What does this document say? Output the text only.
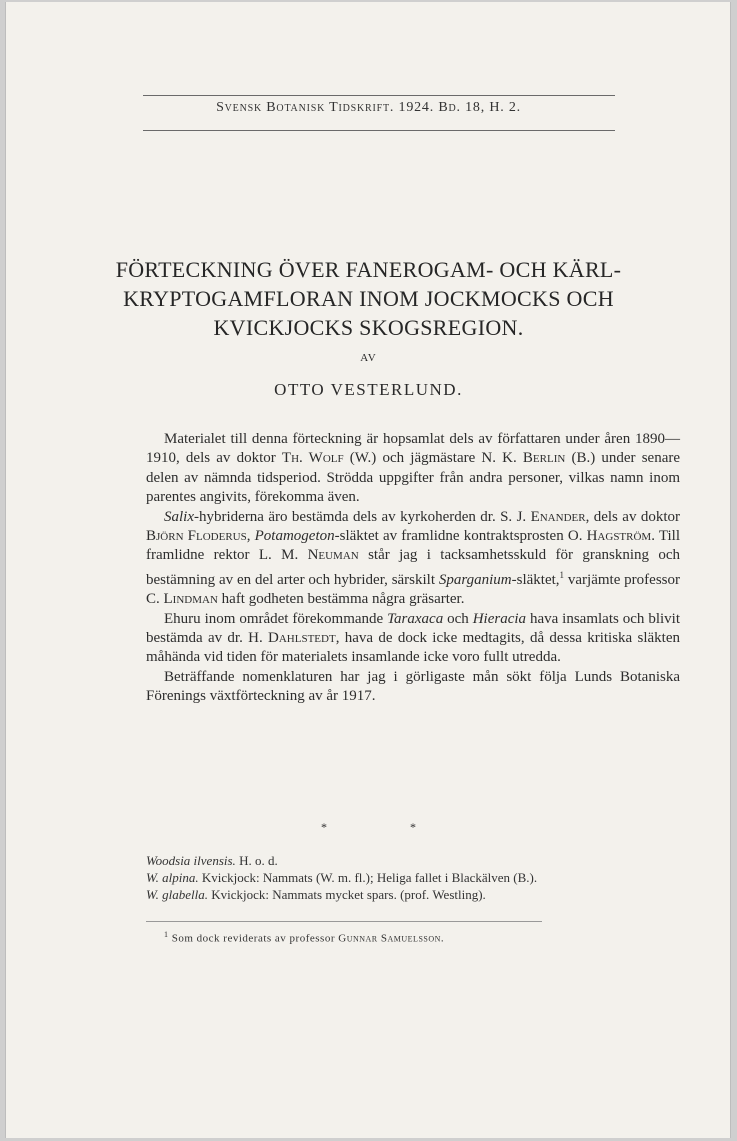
Svensk Botanisk Tidskrift. 1924. Bd. 18, H. 2.
FÖRTECKNING ÖVER FANEROGAM- OCH KÄRL-
KRYPTOGAMFLORAN INOM JOCKMOCKS OCH
KVICKJOCKS SKOGSREGION.
AV
OTTO VESTERLUND.

Materialet till denna förteckning är hopsamlat dels av författaren under åren 1890—1910, dels av doktor Th. Wolf (W.) och jägmästare N. K. Berlin (B.) under senare delen av nämnda tidsperiod. Strödda uppgifter från andra personer, vilkas namn inom parentes angivits, förekomma även.

Salix-hybriderna äro bestämda dels av kyrkoherden dr. S. J. Enander, dels av doktor Björn Floderus, Potamogeton-släktet av framlidne kontraktsprosten O. Hagström. Till framlidne rektor L. M. Neuman står jag i tacksamhetsskuld för granskning och bestämning av en del arter och hybrider, särskilt Sparganium-släktet,$^1$ varjämte professor C. Lindman haft godheten bestämma några gräsarter.

Ehuru inom området förekommande Taraxaca och Hieracia hava insamlats och blivit bestämda av dr. H. Dahlstedt, hava de dock icke medtagits, då dessa kritiska släkten måhända vid tiden för materialets insamlande icke voro fullt utredda.

Beträffande nomenklaturen har jag i görligaste mån sökt följa Lunds Botaniska Förenings växtförteckning av år 1917.

* *
Woodsia ilvensis. H. o. d.
W. alpina. Kvickjock: Nammats (W. m. fl.); Heliga fallet i Blackälven (B.).
W. glabella. Kvickjock: Nammats mycket spars. (prof. Westling).
$^1$ Som dock reviderats av professor Gunnar Samuelsson.
